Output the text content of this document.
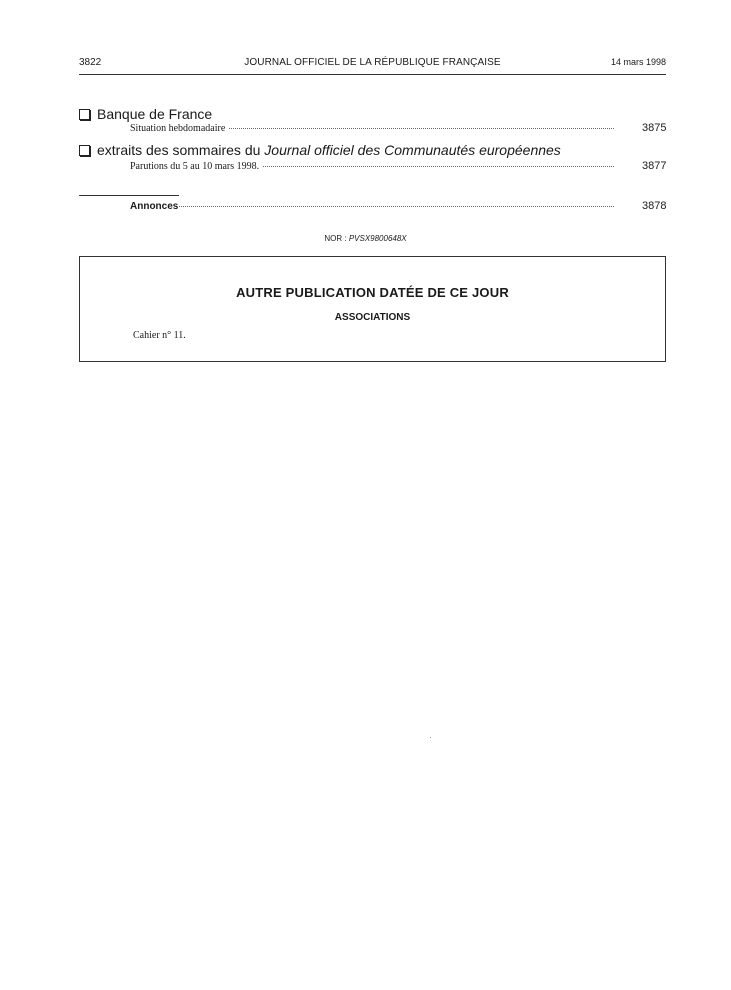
3822	JOURNAL OFFICIEL DE LA RÉPUBLIQUE FRANÇAISE	14 mars 1998
Banque de France
Situation hebdomadaire	3875
extraits des sommaires du Journal officiel des Communautés européennes
Parutions du 5 au 10 mars 1998.	3877
Annonces	3878
NOR : PVSX9800648X
AUTRE PUBLICATION DATÉE DE CE JOUR
ASSOCIATIONS
Cahier n° 11.
